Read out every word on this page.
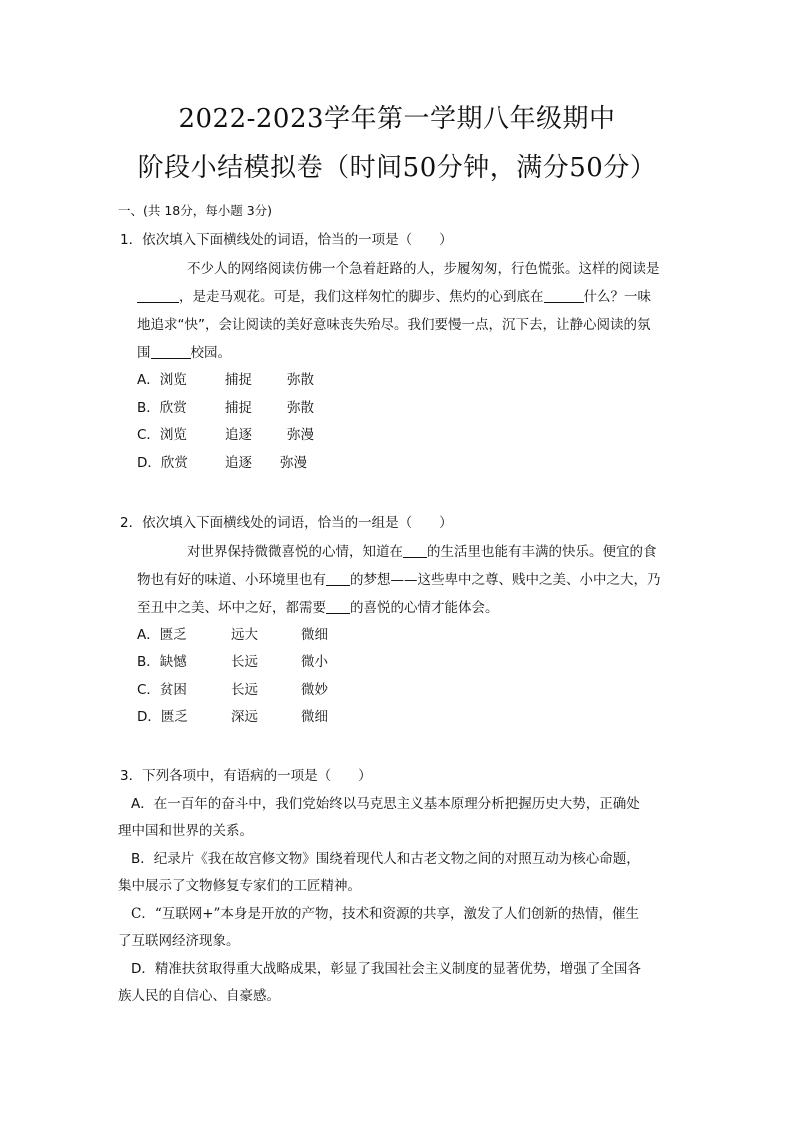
2022-2023学年第一学期八年级期中
阶段小结模拟卷（时间50分钟，满分50分）
一、(共 18分，每小题 3分)
1．依次填入下面横线处的词语，恰当的一项是（　　）
不少人的网络阅读仿佛一个急着赶路的人，步履匆匆，行色慌张。这样的阅读是
，是走马观花。可是，我们这样匆忙的脚步、焦灼的心到底在	什么？一味
地追求“快”，会让阅读的美好意味丧失殆尽。我们要慢一点，沉下去，让静心阅读的氛
围	校园。
A．浏览	捕捉	弥散
B．欣赏	捕捉	弥散
C．浏览	追逐	弥漫
D．欣赏	追逐 弥漫
2．依次填入下面横线处的词语，恰当的一组是（　　）
对世界保持微微喜悦的心情，知道在 的生活里也能有丰满的快乐。便宜的食
物也有好的味道、小环境里也有 的梦想——这些卑中之尊、贱中之美、小中之大，乃
至丑中之美、坏中之好，都需要 的喜悦的心情才能体会。
A．匮乏	远大	微细
B．缺憾	长远	微小
C．贫困	长远	微妙
D．匮乏	深远	微细
3．下列各项中，有语病的一项是（　　）
A．在一百年的奋斗中，我们党始终以马克思主义基本原理分析把握历史大势，正确处
理中国和世界的关系。
B．纪录片《我在故宫修文物》围绕着现代人和古老文物之间的对照互动为核心命题，
集中展示了文物修复专家们的工匠精神。
C．“互联网+”本身是开放的产物，技术和资源的共享，激发了人们创新的热情，催生
了互联网经济现象。
D．精准扶贫取得重大战略成果，彰显了我国社会主义制度的显著优势，增强了全国各
族人民的自信心、自豪感。
